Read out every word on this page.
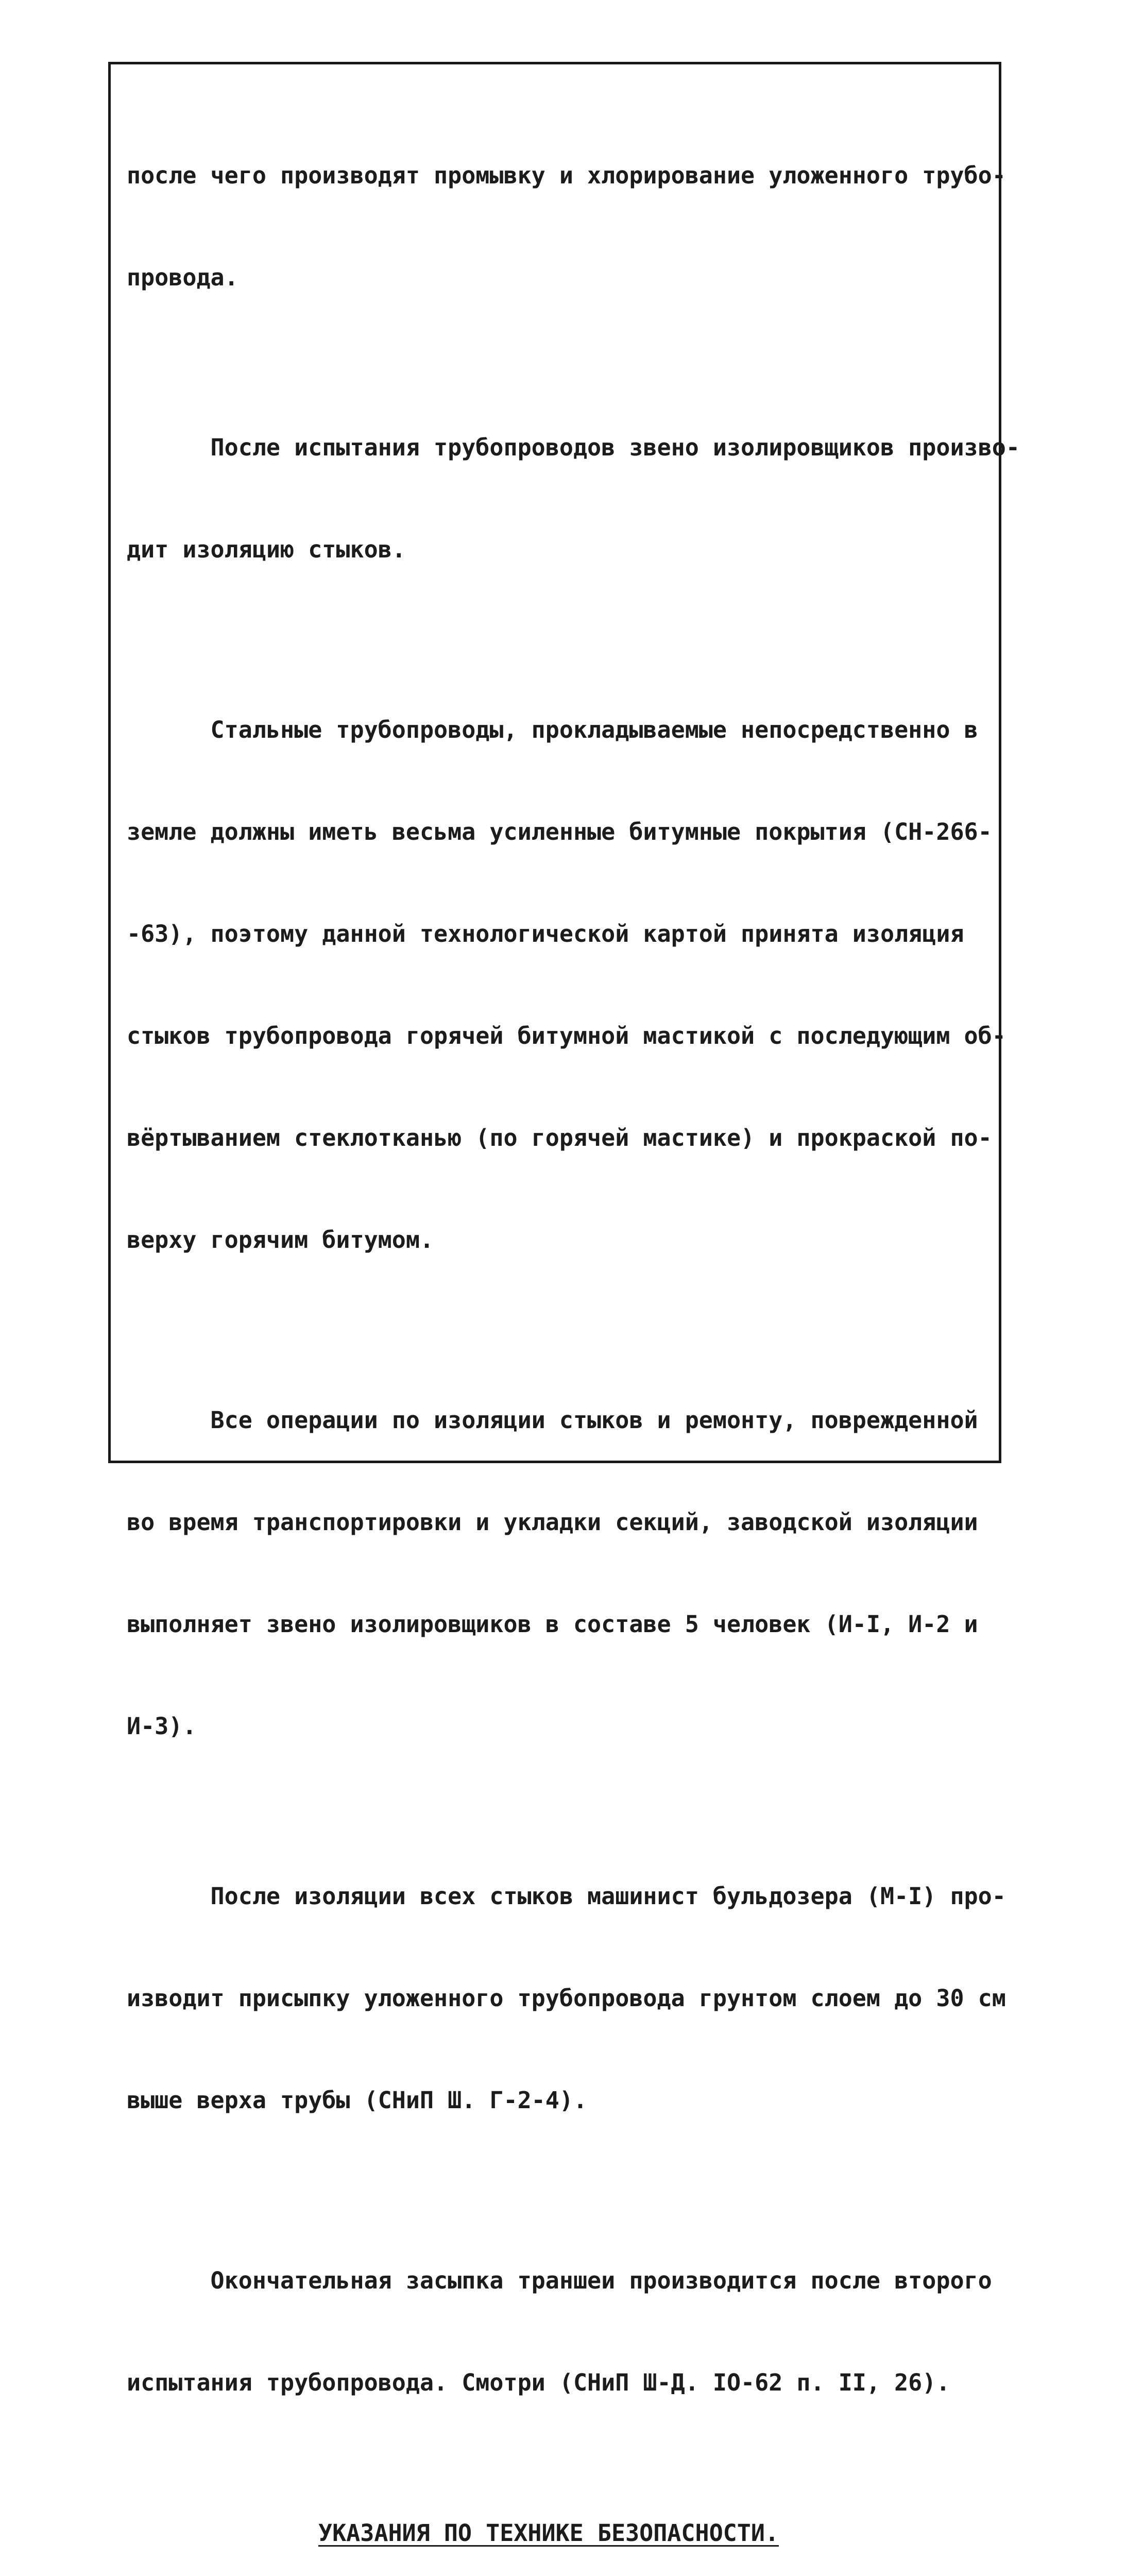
после чего производят промывку и хлорирование уложенного трубо-

провода.

После испытания трубопроводов звено изолировщиков произво-

дит изоляцию стыков.

Стальные трубопроводы, прокладываемые непосредственно в

земле должны иметь весьма усиленные битумные покрытия (СН-266-

-63), поэтому данной технологической картой принята изоляция

стыков трубопровода горячей битумной мастикой с последующим об-

вёртыванием стеклотканью (по горячей мастике) и прокраской по-

верху горячим битумом.

Все операции по изоляции стыков и ремонту, поврежденной

во время транспортировки и укладки секций, заводской изоляции

выполняет звено изолировщиков в составе 5 человек (И-I, И-2 и

И-3).

После изоляции всех стыков машинист бульдозера (М-I) про-

изводит присыпку уложенного трубопровода грунтом слоем до 30 см

выше верха трубы (СНиП Ш. Г-2-4).

Окончательная засыпка траншеи производится после второго

испытания трубопровода. Смотри (СНиП Ш-Д. IO-62 п. II, 26).

УКАЗАНИЯ ПО ТЕХНИКЕ БЕЗОПАСНОСТИ.
